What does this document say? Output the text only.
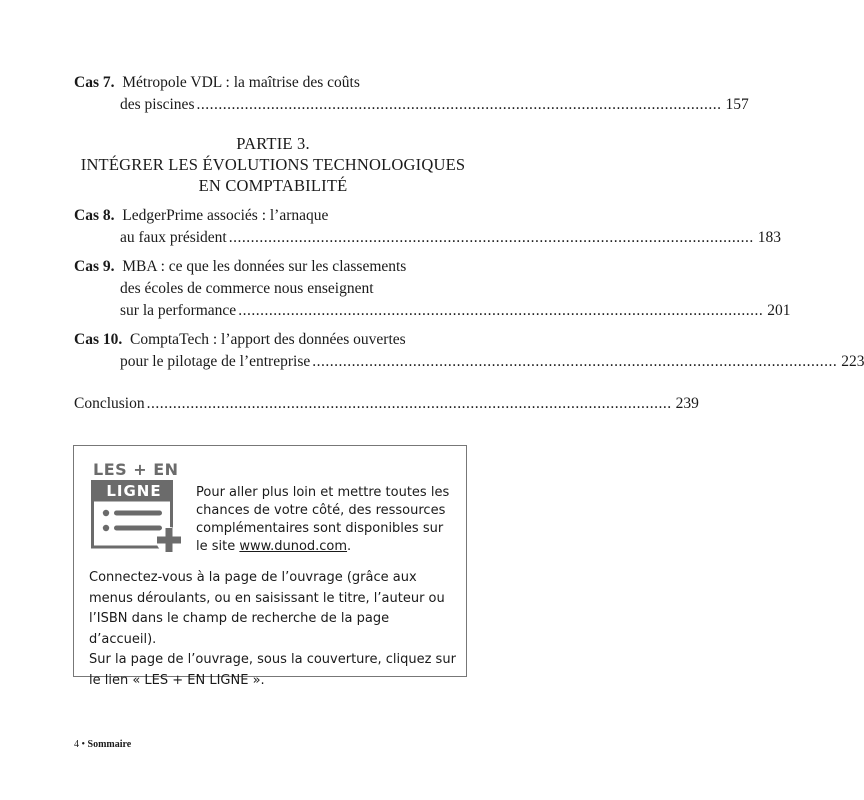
Cas 7.
Métropole VDL : la maîtrise des coûts
des piscines ........................................................................................................................ 157
PARTIE 3.
INTÉGRER LES ÉVOLUTIONS TECHNOLOGIQUES
EN COMPTABILITÉ
Cas 8.
LedgerPrime associés : l’arnaque
au faux président ........................................................................................................................ 183
Cas 9.
MBA : ce que les données sur les classements
des écoles de commerce nous enseignent
sur la performance ........................................................................................................................ 201
Cas 10.
ComptaTech : l’apport des données ouvertes
pour le pilotage de l’entreprise ........................................................................................................................ 223
Conclusion ........................................................................................................................ 239
LES + EN
LIGNE	Pour aller plus loin et mettre toutes les chances de votre côté, des ressources complémentaires sont disponibles sur le site www.dunod.com.
Connectez-vous à la page de l’ouvrage (grâce aux menus déroulants, ou en saisissant le titre, l’auteur ou l’ISBN dans le champ de recherche de la page d’accueil).
Sur la page de l’ouvrage, sous la couverture, cliquez sur le lien « LES + EN LIGNE ».
4 • Sommaire
